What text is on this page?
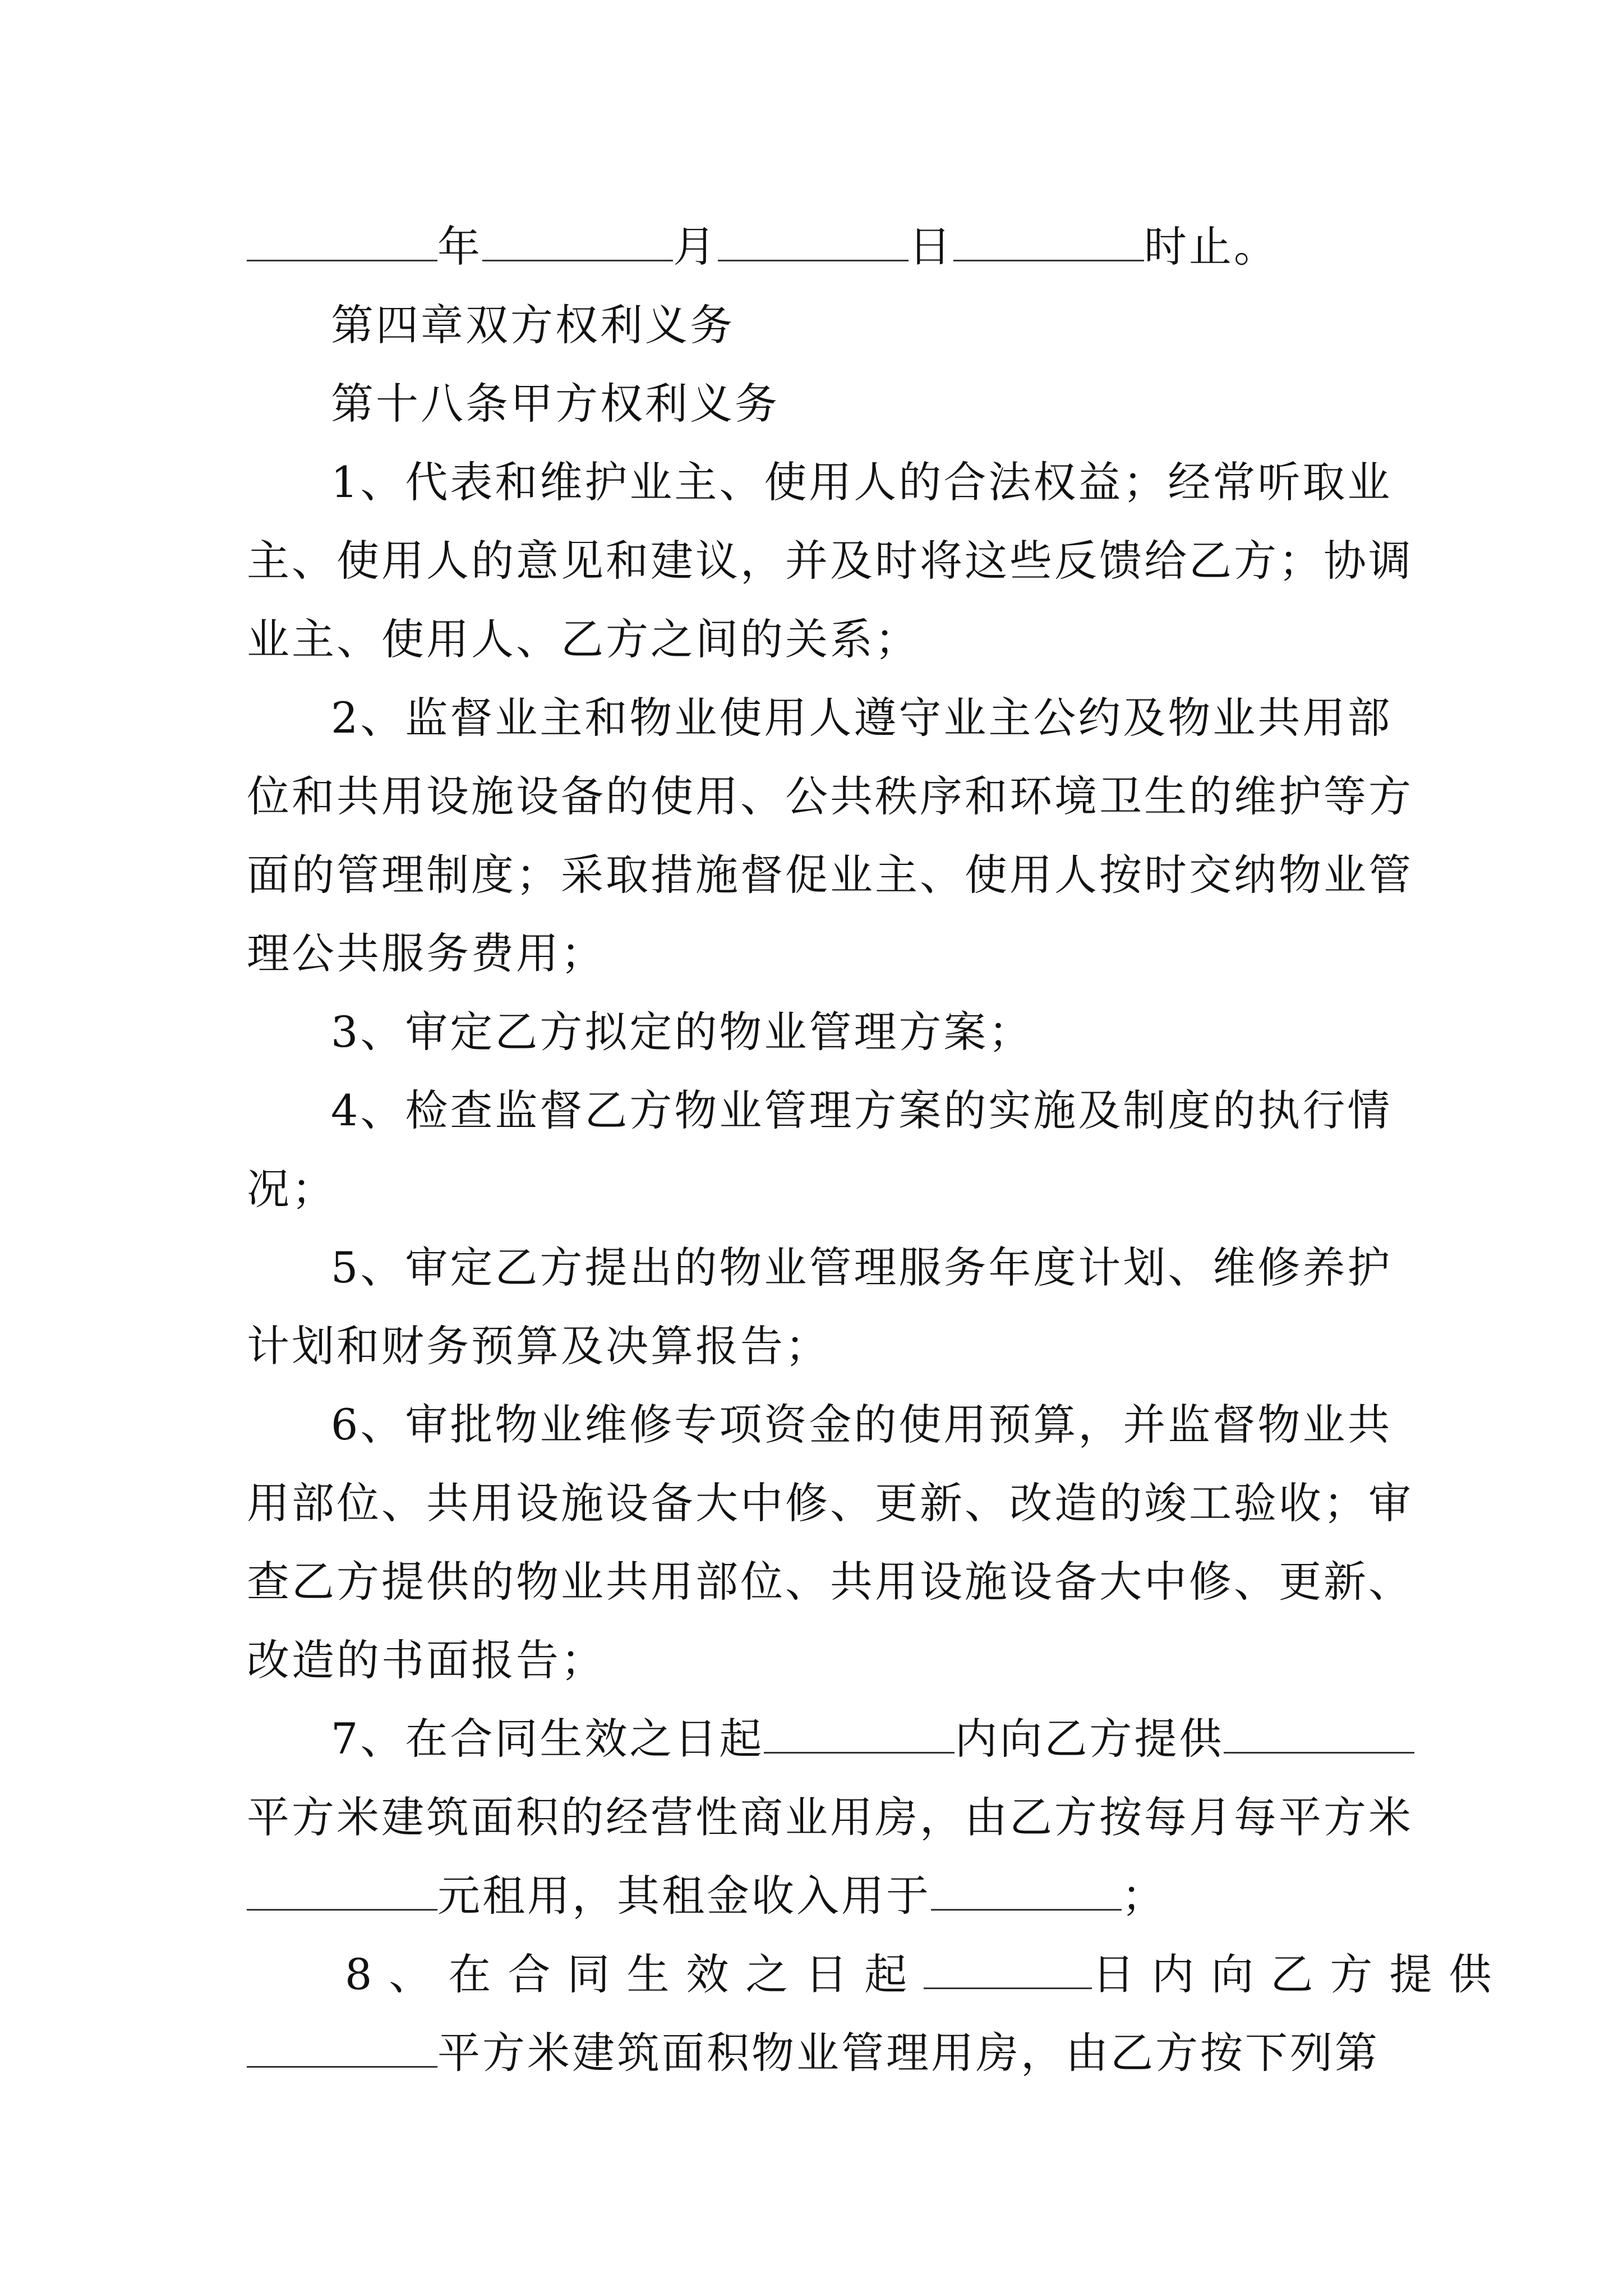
年	月	日	时止。
第四章双方权利义务
第十八条甲方权利义务
1、代表和维护业主、使用人的合法权益；经常听取业
主、使用人的意见和建议，并及时将这些反馈给乙方；协调
业主、使用人、乙方之间的关系；
2、监督业主和物业使用人遵守业主公约及物业共用部
位和共用设施设备的使用、公共秩序和环境卫生的维护等方
面的管理制度；采取措施督促业主、使用人按时交纳物业管
理公共服务费用；
3、审定乙方拟定的物业管理方案；
4、检查监督乙方物业管理方案的实施及制度的执行情
况；
5、审定乙方提出的物业管理服务年度计划、维修养护
计划和财务预算及决算报告；
6、审批物业维修专项资金的使用预算，并监督物业共
用部位、共用设施设备大中修、更新、改造的竣工验收；审
查乙方提供的物业共用部位、共用设施设备大中修、更新、
改造的书面报告；
7、在合同生效之日起	内向乙方提供
平方米建筑面积的经营性商业用房，由乙方按每月每平方米
元租用，其租金收入用于	；
8、在合同生效之日起	日内向乙方提供
平方米建筑面积物业管理用房，由乙方按下列第
